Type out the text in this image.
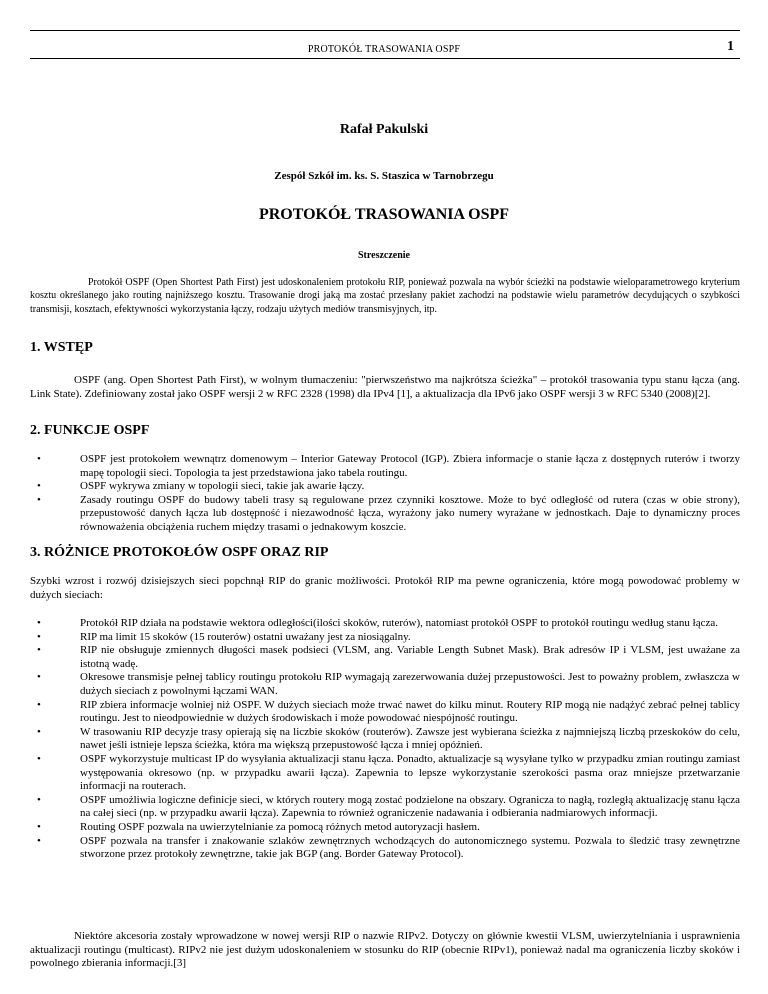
PROTOKÓŁ TRASOWANIA OSPF	1
Rafał Pakulski
Zespół Szkół im. ks. S. Staszica w Tarnobrzegu
PROTOKÓŁ TRASOWANIA OSPF
Streszczenie
Protokół OSPF (Open Shortest Path First) jest udoskonaleniem protokołu RIP, ponieważ pozwala na wybór ścieżki na podstawie wieloparametrowego kryterium kosztu określanego jako routing najniższego kosztu. Trasowanie drogi jaką ma zostać przesłany pakiet zachodzi na podstawie wielu parametrów decydujących o szybkości transmisji, kosztach, efektywności wykorzystania łączy, rodzaju użytych mediów transmisyjnych, itp.
1. WSTĘP
OSPF (ang. Open Shortest Path First), w wolnym tłumaczeniu: "pierwszeństwo ma najkrótsza ścieżka" – protokół trasowania typu stanu łącza (ang. Link State). Zdefiniowany został jako OSPF wersji 2 w RFC 2328 (1998) dla IPv4 [1], a aktualizacja dla IPv6 jako OSPF wersji 3 w RFC 5340 (2008)[2].
2. FUNKCJE OSPF
•	OSPF jest protokołem wewnątrz domenowym – Interior Gateway Protocol (IGP). Zbiera informacje o stanie łącza z dostępnych ruterów i tworzy mapę topologii sieci. Topologia ta jest przedstawiona jako tabela routingu.
•	OSPF wykrywa zmiany w topologii sieci, takie jak awarie łączy.
•	Zasady routingu OSPF do budowy tabeli trasy są regulowane przez czynniki kosztowe. Może to być odległość od rutera (czas w obie strony), przepustowość danych łącza lub dostępność i niezawodność łącza, wyrażony jako numery wyrażane w jednostkach. Daje to dynamiczny proces równoważenia obciążenia ruchem między trasami o jednakowym koszcie.
3. RÓŻNICE PROTOKOŁÓW OSPF ORAZ RIP
Szybki wzrost i rozwój dzisiejszych sieci popchnął RIP do granic możliwości. Protokół RIP ma pewne ograniczenia, które mogą powodować problemy w dużych sieciach:
•	Protokół RIP działa na podstawie wektora odległości(ilości skoków, ruterów), natomiast protokół OSPF to protokół routingu według stanu łącza.
•	RIP ma limit 15 skoków (15 routerów) ostatni uważany jest za niosiągalny.
•	RIP nie obsługuje zmiennych długości masek podsieci (VLSM, ang. Variable Length Subnet Mask). Brak adresów IP i VLSM, jest uważane za istotną wadę.
•	Okresowe transmisje pełnej tablicy routingu protokołu RIP wymagają zarezerwowania dużej przepustowości. Jest to poważny problem, zwłaszcza w dużych sieciach z powolnymi łączami WAN.
•	RIP zbiera informacje wolniej niż OSPF. W dużych sieciach może trwać nawet do kilku minut. Routery RIP mogą nie nadążyć zebrać pełnej tablicy routingu. Jest to nieodpowiednie w dużych środowiskach i może powodować niespójność routingu.
•	W trasowaniu RIP decyzje trasy opierają się na liczbie skoków (routerów). Zawsze jest wybierana ścieżka z najmniejszą liczbą przeskoków do celu, nawet jeśli istnieje lepsza ścieżka, która ma większą przepustowość łącza i mniej opóźnień.
•	OSPF wykorzystuje multicast IP do wysyłania aktualizacji stanu łącza. Ponadto, aktualizacje są wysyłane tylko w przypadku zmian routingu zamiast występowania okresowo (np. w przypadku awarii łącza). Zapewnia to lepsze wykorzystanie szerokości pasma oraz mniejsze przetwarzanie informacji na routerach.
•	OSPF umożliwia logiczne definicje sieci, w których routery mogą zostać podzielone na obszary. Ogranicza to nagłą, rozległą aktualizację stanu łącza na całej sieci (np. w przypadku awarii łącza). Zapewnia to również ograniczenie nadawania i odbierania nadmiarowych informacji.
•	Routing OSPF pozwala na uwierzytelnianie za pomocą różnych metod autoryzacji hasłem.
•	OSPF pozwala na transfer i znakowanie szlaków zewnętrznych wchodzących do autonomicznego systemu. Pozwala to śledzić trasy zewnętrzne stworzone przez protokoły zewnętrzne, takie jak BGP (ang. Border Gateway Protocol).
Niektóre akcesoria zostały wprowadzone w nowej wersji RIP o nazwie RIPv2. Dotyczy on głównie kwestii VLSM, uwierzytelniania i usprawnienia aktualizacji routingu (multicast). RIPv2 nie jest dużym udoskonaleniem w stosunku do RIP (obecnie RIPv1), ponieważ nadal ma ograniczenia liczby skoków i powolnego zbierania informacji.[3]
